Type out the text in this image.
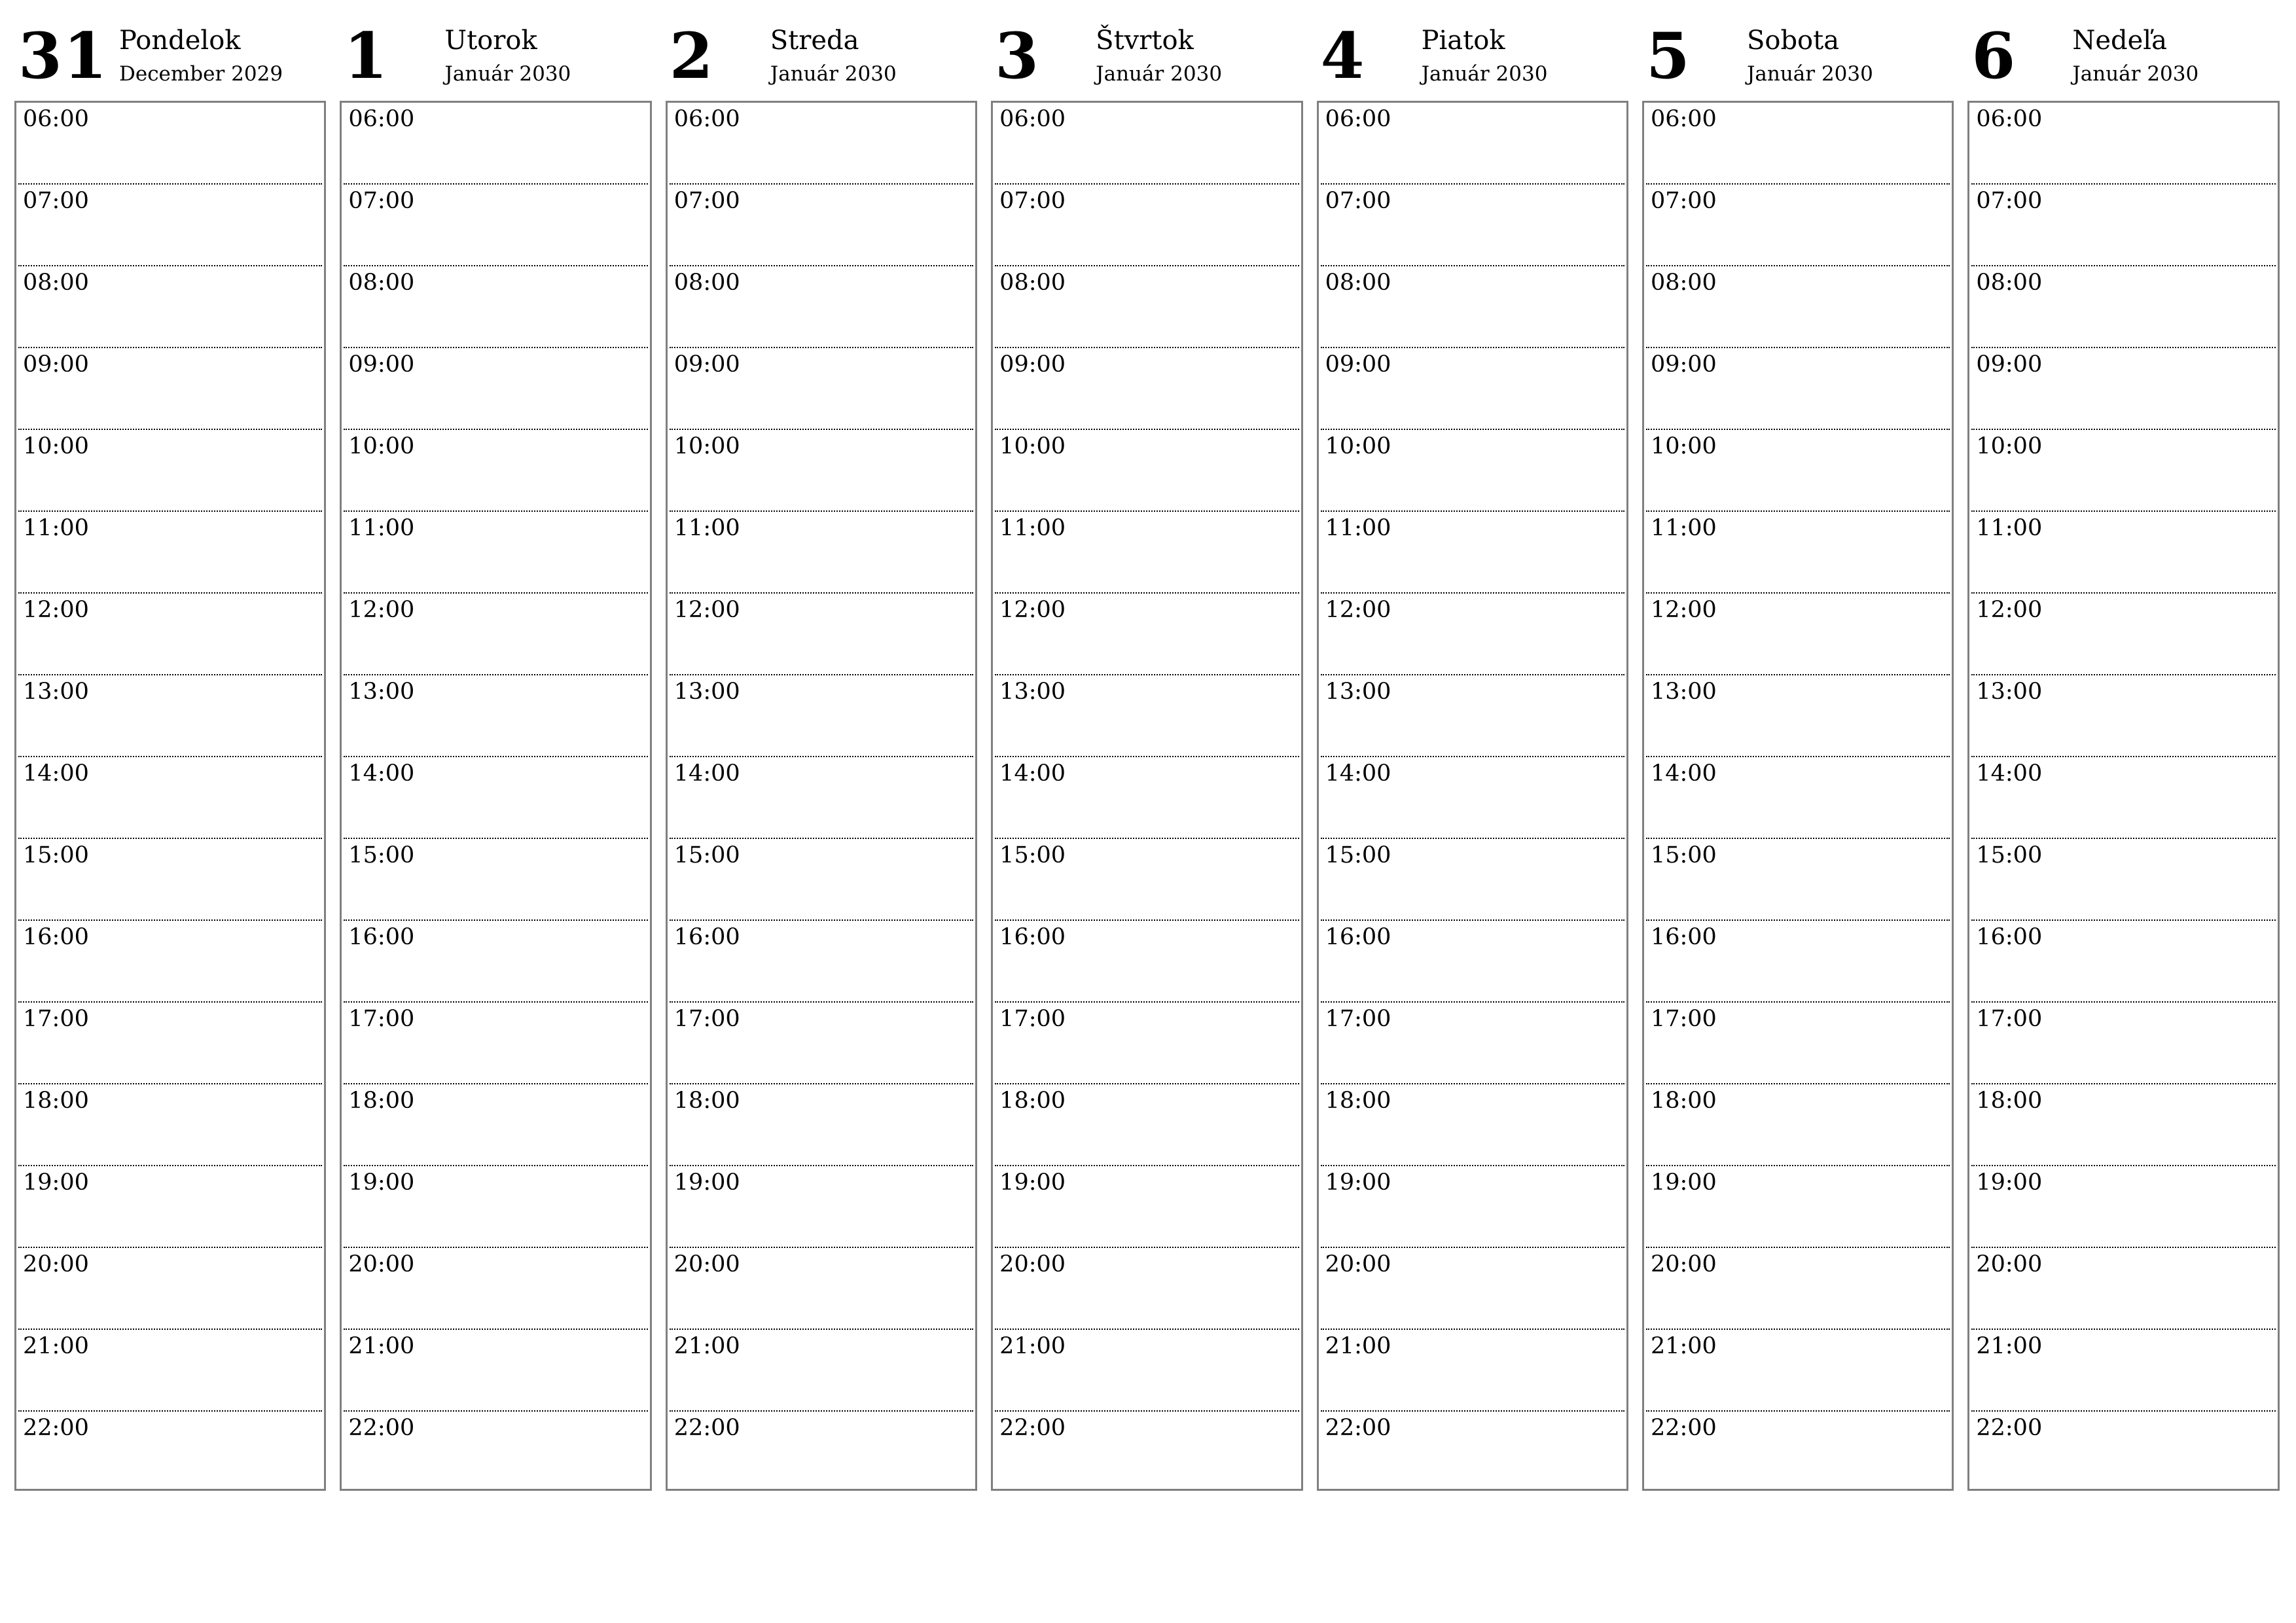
31 Pondelok
December 2029
06:00
07:00
08:00
09:00
10:00
11:00
12:00
13:00
14:00
15:00
16:00
17:00
18:00
19:00
20:00
21:00
22:00
1 Utorok
Január 2030
06:00
07:00
08:00
09:00
10:00
11:00
12:00
13:00
14:00
15:00
16:00
17:00
18:00
19:00
20:00
21:00
22:00
2 Streda
Január 2030
06:00
07:00
08:00
09:00
10:00
11:00
12:00
13:00
14:00
15:00
16:00
17:00
18:00
19:00
20:00
21:00
22:00
3 Štvrtok
Január 2030
06:00
07:00
08:00
09:00
10:00
11:00
12:00
13:00
14:00
15:00
16:00
17:00
18:00
19:00
20:00
21:00
22:00
4 Piatok
Január 2030
06:00
07:00
08:00
09:00
10:00
11:00
12:00
13:00
14:00
15:00
16:00
17:00
18:00
19:00
20:00
21:00
22:00
5 Sobota
Január 2030
06:00
07:00
08:00
09:00
10:00
11:00
12:00
13:00
14:00
15:00
16:00
17:00
18:00
19:00
20:00
21:00
22:00
6 Nedeľa
Január 2030
06:00
07:00
08:00
09:00
10:00
11:00
12:00
13:00
14:00
15:00
16:00
17:00
18:00
19:00
20:00
21:00
22:00
